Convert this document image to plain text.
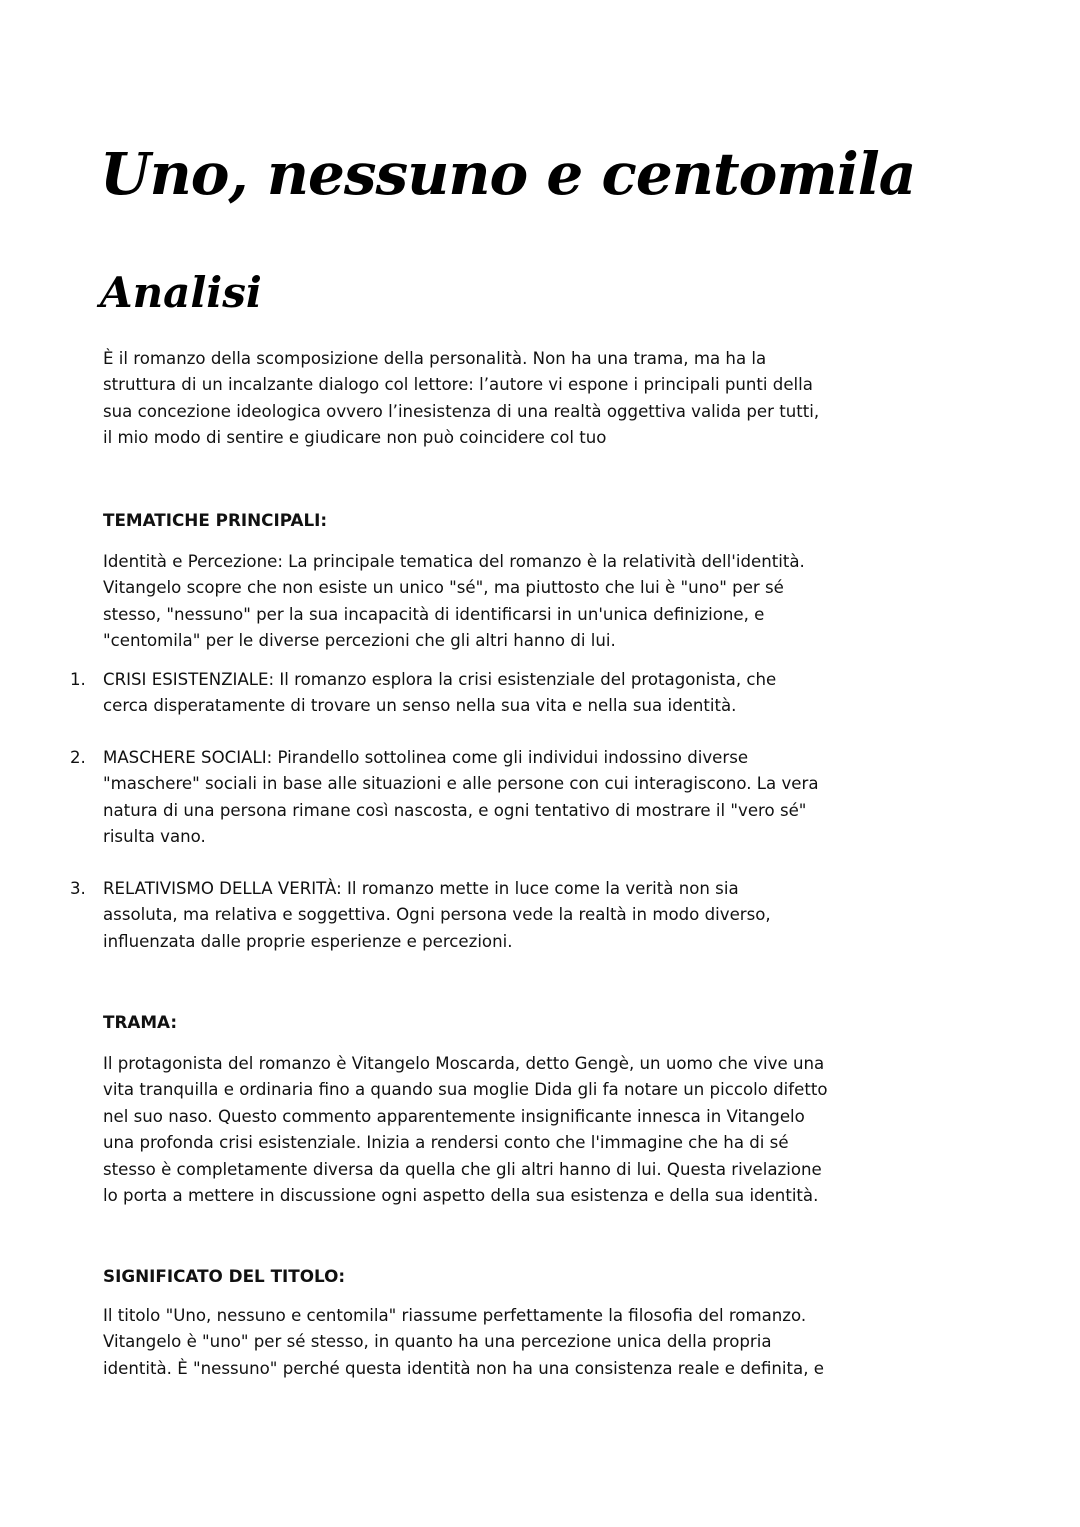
Uno, nessuno e centomila
Analisi
È il romanzo della scomposizione della personalità. Non ha una trama, ma ha la
struttura di un incalzante dialogo col lettore: l’autore vi espone i principali punti della
sua concezione ideologica ovvero l’inesistenza di una realtà oggettiva valida per tutti,
il mio modo di sentire e giudicare non può coincidere col tuo
TEMATICHE PRINCIPALI:
Identità e Percezione: La principale tematica del romanzo è la relatività dell'identità.
Vitangelo scopre che non esiste un unico "sé", ma piuttosto che lui è "uno" per sé
stesso, "nessuno" per la sua incapacità di identificarsi in un'unica definizione, e
"centomila" per le diverse percezioni che gli altri hanno di lui.
1. CRISI ESISTENZIALE: Il romanzo esplora la crisi esistenziale del protagonista, che
cerca disperatamente di trovare un senso nella sua vita e nella sua identità.
2. MASCHERE SOCIALI: Pirandello sottolinea come gli individui indossino diverse
"maschere" sociali in base alle situazioni e alle persone con cui interagiscono. La vera
natura di una persona rimane così nascosta, e ogni tentativo di mostrare il "vero sé"
risulta vano.
3. RELATIVISMO DELLA VERITÀ: Il romanzo mette in luce come la verità non sia
assoluta, ma relativa e soggettiva. Ogni persona vede la realtà in modo diverso,
influenzata dalle proprie esperienze e percezioni.
TRAMA:
Il protagonista del romanzo è Vitangelo Moscarda, detto Gengè, un uomo che vive una
vita tranquilla e ordinaria fino a quando sua moglie Dida gli fa notare un piccolo difetto
nel suo naso. Questo commento apparentemente insignificante innesca in Vitangelo
una profonda crisi esistenziale. Inizia a rendersi conto che l'immagine che ha di sé
stesso è completamente diversa da quella che gli altri hanno di lui. Questa rivelazione
lo porta a mettere in discussione ogni aspetto della sua esistenza e della sua identità.
SIGNIFICATO DEL TITOLO:
Il titolo "Uno, nessuno e centomila" riassume perfettamente la filosofia del romanzo.
Vitangelo è "uno" per sé stesso, in quanto ha una percezione unica della propria
identità. È "nessuno" perché questa identità non ha una consistenza reale e definita, e
